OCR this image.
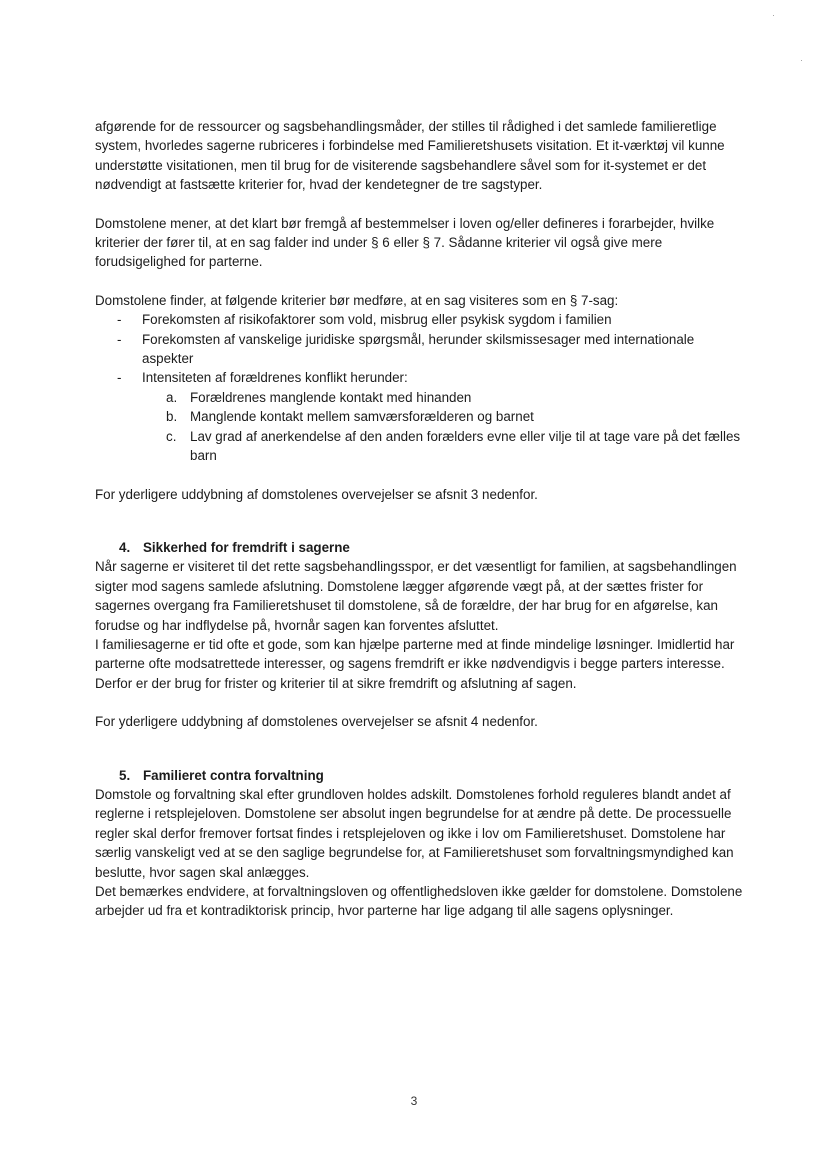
·
·

afgørende for de ressourcer og sagsbehandlingsmåder, der stilles til rådighed i det samlede familieretlige system, hvorledes sagerne rubriceres i forbindelse med Familieretshusets visitation. Et it-værktøj vil kunne understøtte visitationen, men til brug for de visiterende sagsbehandlere såvel som for it-systemet er det nødvendigt at fastsætte kriterier for, hvad der kendetegner de tre sagstyper.

Domstolene mener, at det klart bør fremgå af bestemmelser i loven og/eller defineres i forarbejder, hvilke kriterier der fører til, at en sag falder ind under § 6 eller § 7. Sådanne kriterier vil også give mere forudsigelighed for parterne.

Domstolene finder, at følgende kriterier bør medføre, at en sag visiteres som en § 7-sag:

- Forekomsten af risikofaktorer som vold, misbrug eller psykisk sygdom i familien
- Forekomsten af vanskelige juridiske spørgsmål, herunder skilsmissesager med internationale aspekter
- Intensiteten af forældrenes konflikt herunder:
a. Forældrenes manglende kontakt med hinanden
b. Manglende kontakt mellem samværsforælderen og barnet
c. Lav grad af anerkendelse af den anden forælders evne eller vilje til at tage vare på det fælles barn

For yderligere uddybning af domstolenes overvejelser se afsnit 3 nedenfor.

4. Sikkerhed for fremdrift i sagerne

Når sagerne er visiteret til det rette sagsbehandlingsspor, er det væsentligt for familien, at sagsbehandlingen sigter mod sagens samlede afslutning. Domstolene lægger afgørende vægt på, at der sættes frister for sagernes overgang fra Familieretshuset til domstolene, så de forældre, der har brug for en afgørelse, kan forudse og har indflydelse på, hvornår sagen kan forventes afsluttet.

I familiesagerne er tid ofte et gode, som kan hjælpe parterne med at finde mindelige løsninger. Imidlertid har parterne ofte modsatrettede interesser, og sagens fremdrift er ikke nødvendigvis i begge parters interesse. Derfor er der brug for frister og kriterier til at sikre fremdrift og afslutning af sagen.

For yderligere uddybning af domstolenes overvejelser se afsnit 4 nedenfor.

5. Familieret contra forvaltning

Domstole og forvaltning skal efter grundloven holdes adskilt. Domstolenes forhold reguleres blandt andet af reglerne i retsplejeloven. Domstolene ser absolut ingen begrundelse for at ændre på dette. De processuelle regler skal derfor fremover fortsat findes i retsplejeloven og ikke i lov om Familieretshuset. Domstolene har særlig vanskeligt ved at se den saglige begrundelse for, at Familieretshuset som forvaltningsmyndighed kan beslutte, hvor sagen skal anlægges.

Det bemærkes endvidere, at forvaltningsloven og offentlighedsloven ikke gælder for domstolene. Domstolene arbejder ud fra et kontradiktorisk princip, hvor parterne har lige adgang til alle sagens oplysninger.

3
